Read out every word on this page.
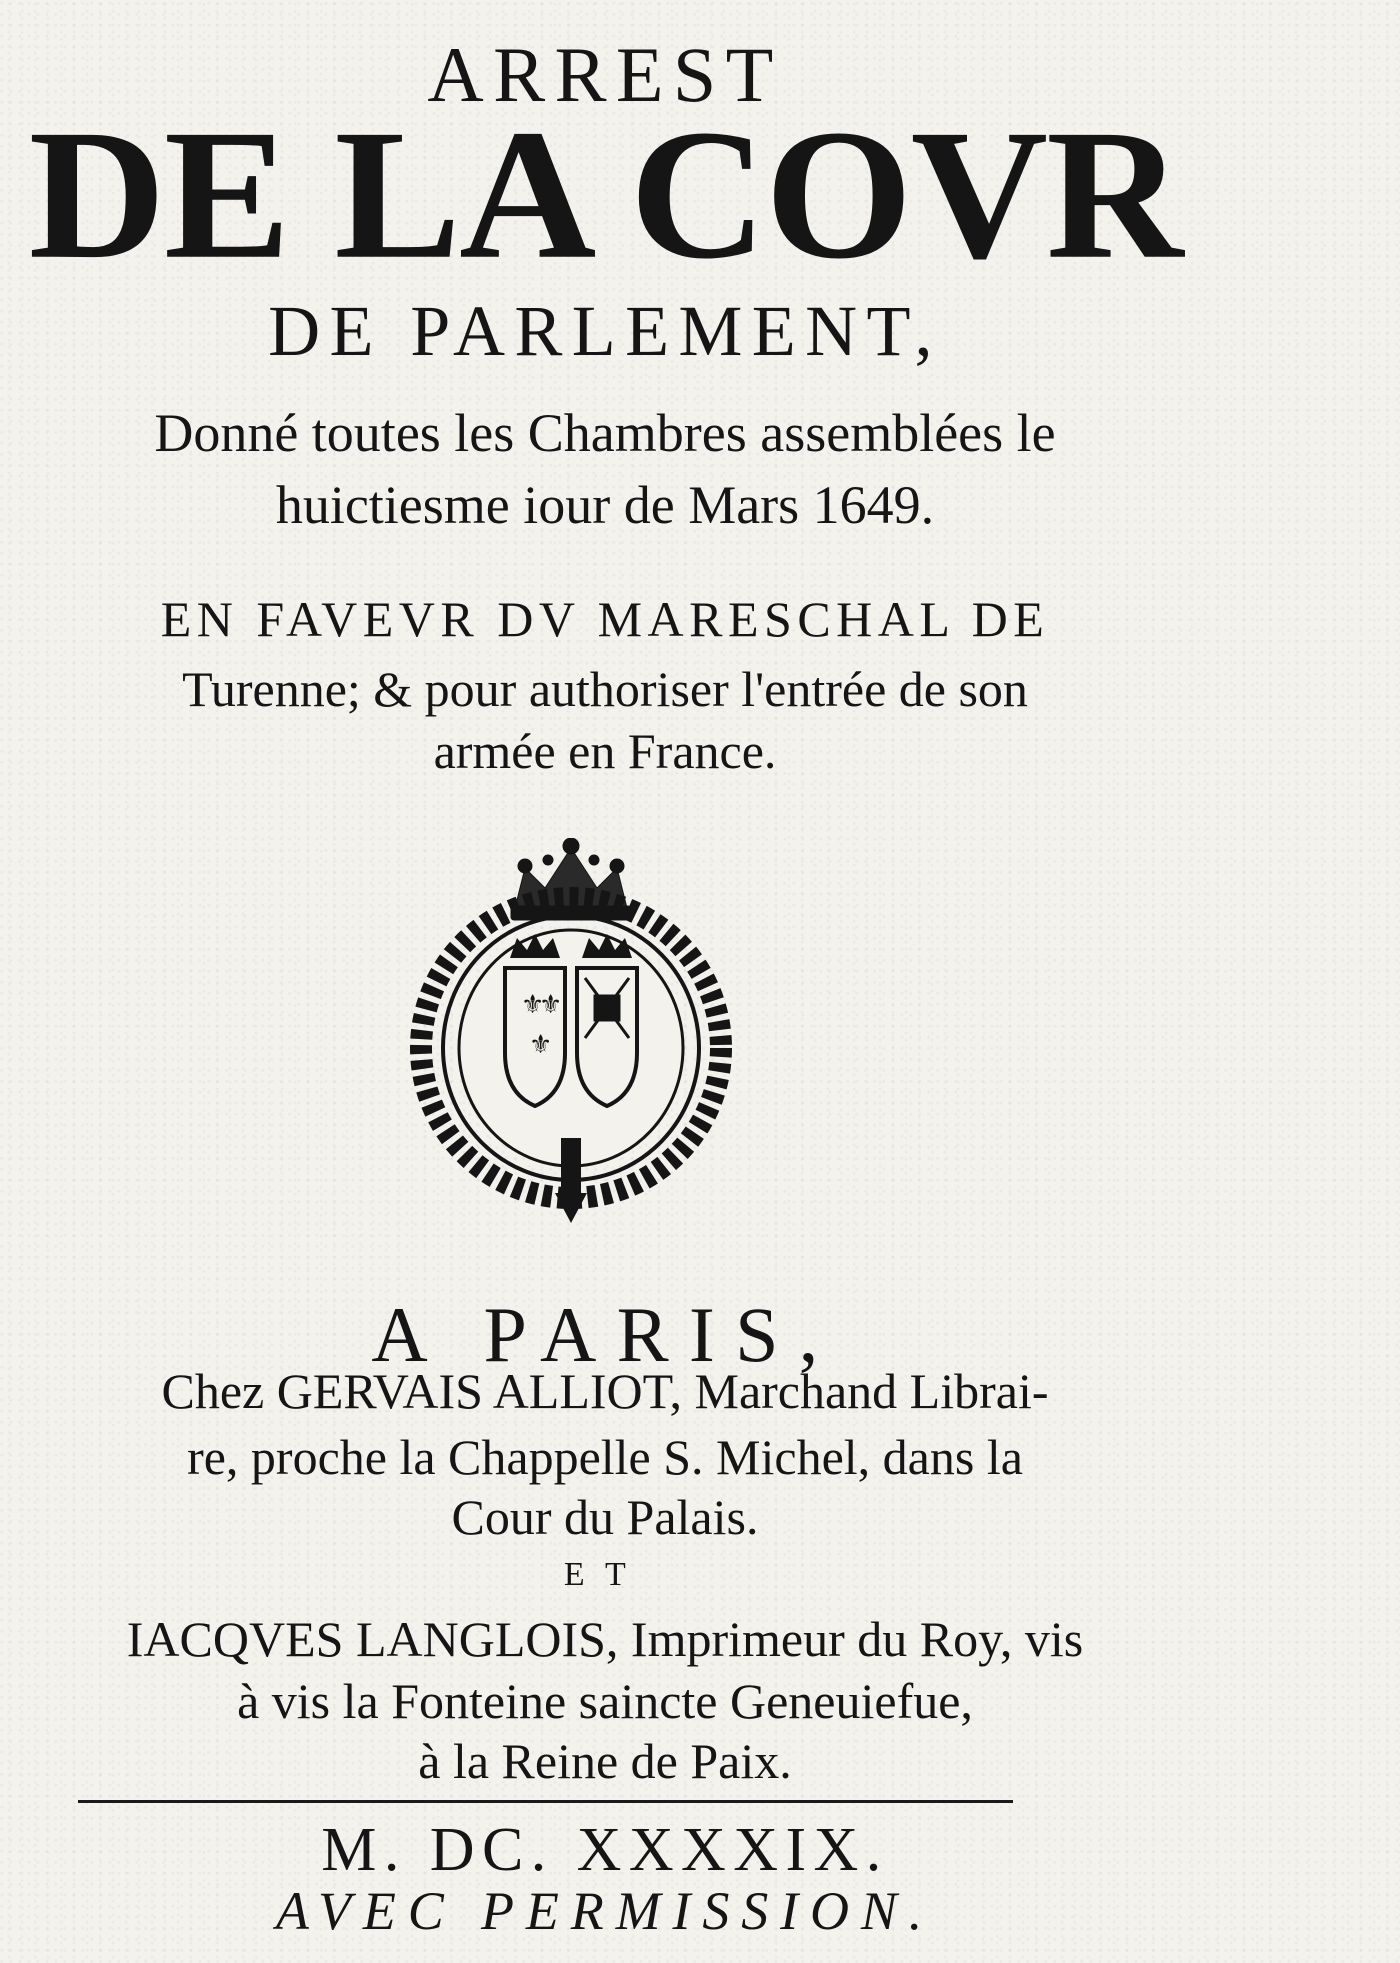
ARREST
DE LA COVR
DE PARLEMENT,
Donné toutes les Chambres assemblées le
huictiesme iour de Mars 1649.
EN FAVEVR DV MARESCHAL DE
Turenne; & pour authoriser l'entrée de son
armée en France.
⚜
⚜
⚜
A PARIS,
Chez GERVAIS ALLIOT, Marchand Librai-
re, proche la Chappelle S. Michel, dans la
Cour du Palais.
ET
IACQVES LANGLOIS, Imprimeur du Roy, vis
à vis la Fonteine saincte Geneuiefue,
à la Reine de Paix.
M. DC. XXXXIX.
AVEC PERMISSION.
